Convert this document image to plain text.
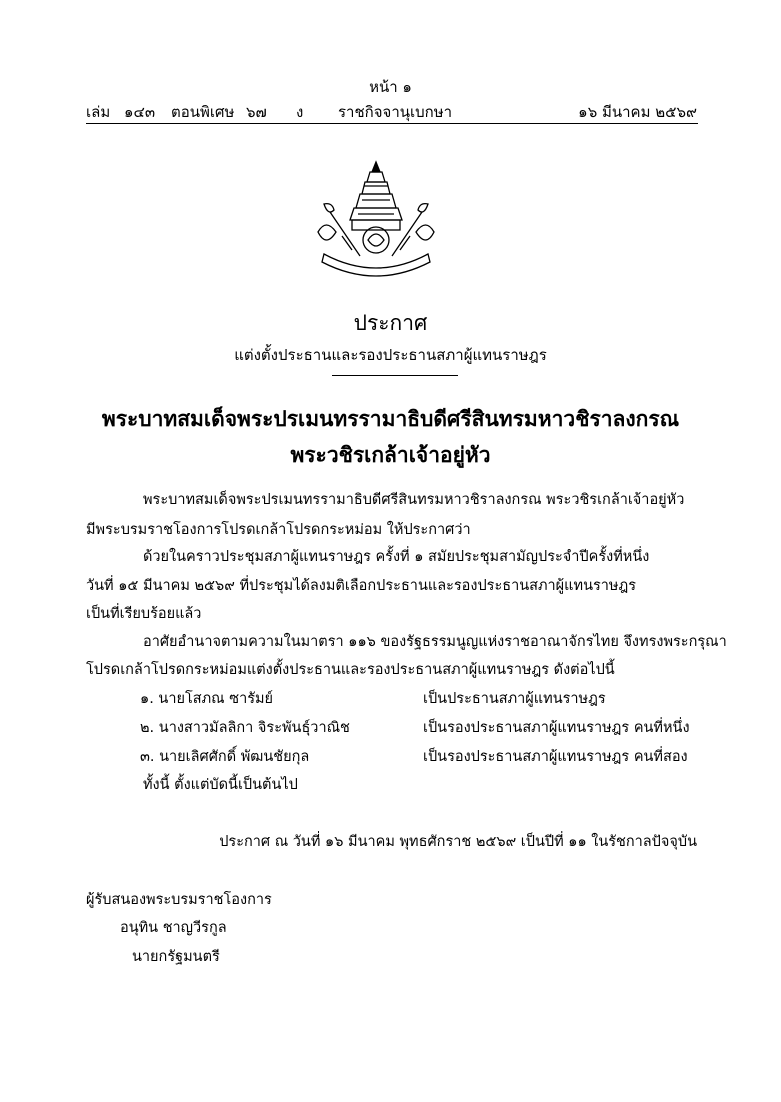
หน้า ๑
เล่ม ๑๔๓ ตอนพิเศษ ๖๗ ง ราชกิจจานุเบกษา	๑๖ มีนาคม ๒๕๖๙
ประกาศ
แต่งตั้งประธานและรองประธานสภาผู้แทนราษฎร
พระบาทสมเด็จพระปรเมนทรรามาธิบดีศรีสินทรมหาวชิราลงกรณ
พระวชิรเกล้าเจ้าอยู่หัว
พระบาทสมเด็จพระปรเมนทรรามาธิบดีศรีสินทรมหาวชิราลงกรณ พระวชิรเกล้าเจ้าอยู่หัว
มีพระบรมราชโองการโปรดเกล้าโปรดกระหม่อม ให้ประกาศว่า
ด้วยในคราวประชุมสภาผู้แทนราษฎร ครั้งที่ ๑ สมัยประชุมสามัญประจำปีครั้งที่หนึ่ง
วันที่ ๑๕ มีนาคม ๒๕๖๙ ที่ประชุมได้ลงมติเลือกประธานและรองประธานสภาผู้แทนราษฎร
เป็นที่เรียบร้อยแล้ว
อาศัยอำนาจตามความในมาตรา ๑๑๖ ของรัฐธรรมนูญแห่งราชอาณาจักรไทย จึงทรงพระกรุณา
โปรดเกล้าโปรดกระหม่อมแต่งตั้งประธานและรองประธานสภาผู้แทนราษฎร ดังต่อไปนี้
๑. นายโสภณ ซารัมย์	เป็นประธานสภาผู้แทนราษฎร
๒. นางสาวมัลลิกา จิระพันธุ์วาณิช	เป็นรองประธานสภาผู้แทนราษฎร คนที่หนึ่ง
๓. นายเลิศศักดิ์ พัฒนชัยกุล	เป็นรองประธานสภาผู้แทนราษฎร คนที่สอง
ทั้งนี้ ตั้งแต่บัดนี้เป็นต้นไป
ประกาศ ณ วันที่ ๑๖ มีนาคม พุทธศักราช ๒๕๖๙ เป็นปีที่ ๑๑ ในรัชกาลปัจจุบัน
ผู้รับสนองพระบรมราชโองการ
อนุทิน ชาญวีรกูล
นายกรัฐมนตรี
